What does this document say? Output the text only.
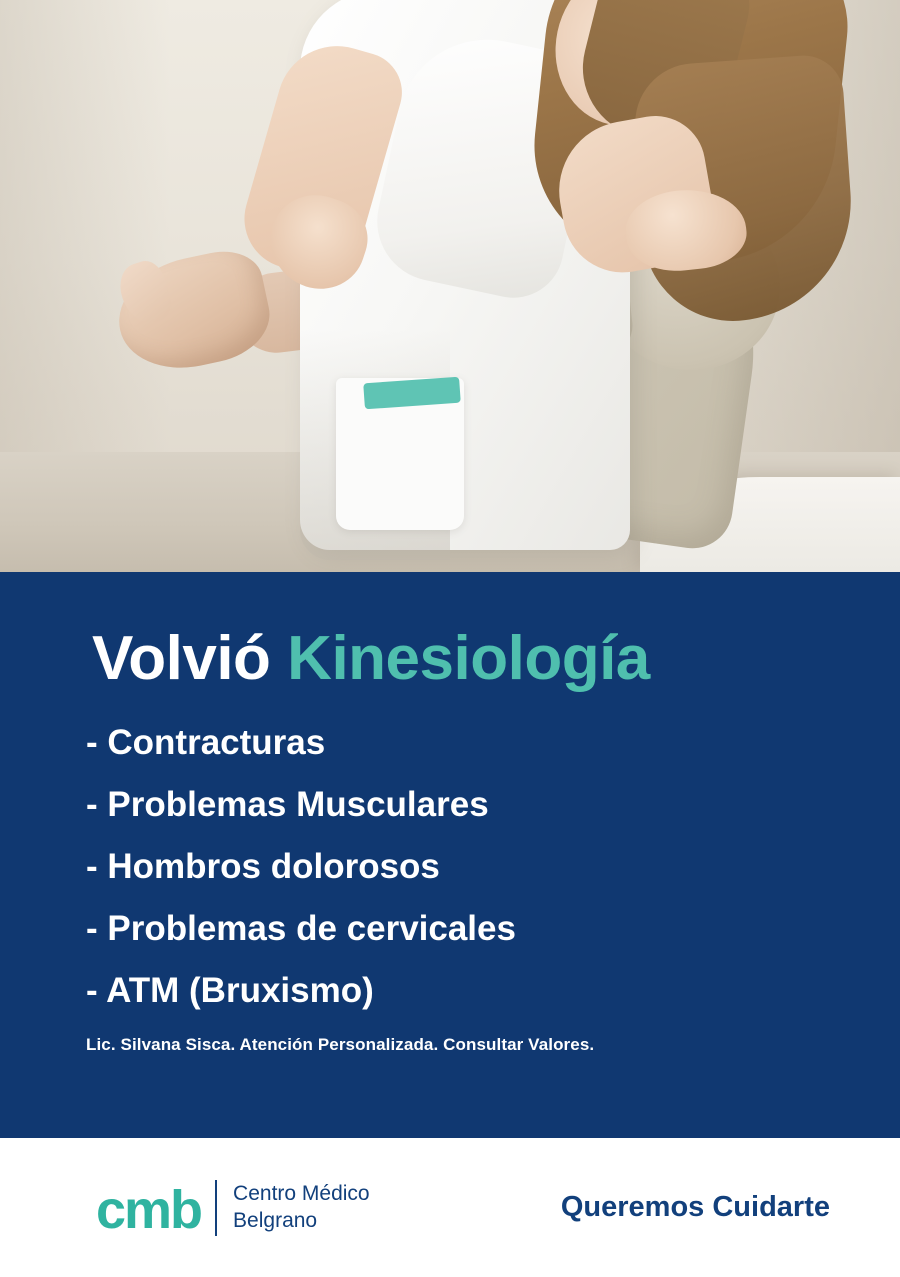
Volvió Kinesiología
- Contracturas
- Problemas Musculares
- Hombros dolorosos
- Problemas de cervicales
- ATM (Bruxismo)
Lic. Silvana Sisca. Atención Personalizada. Consultar Valores.
cmb Centro Médico
Belgrano	Queremos Cuidarte
